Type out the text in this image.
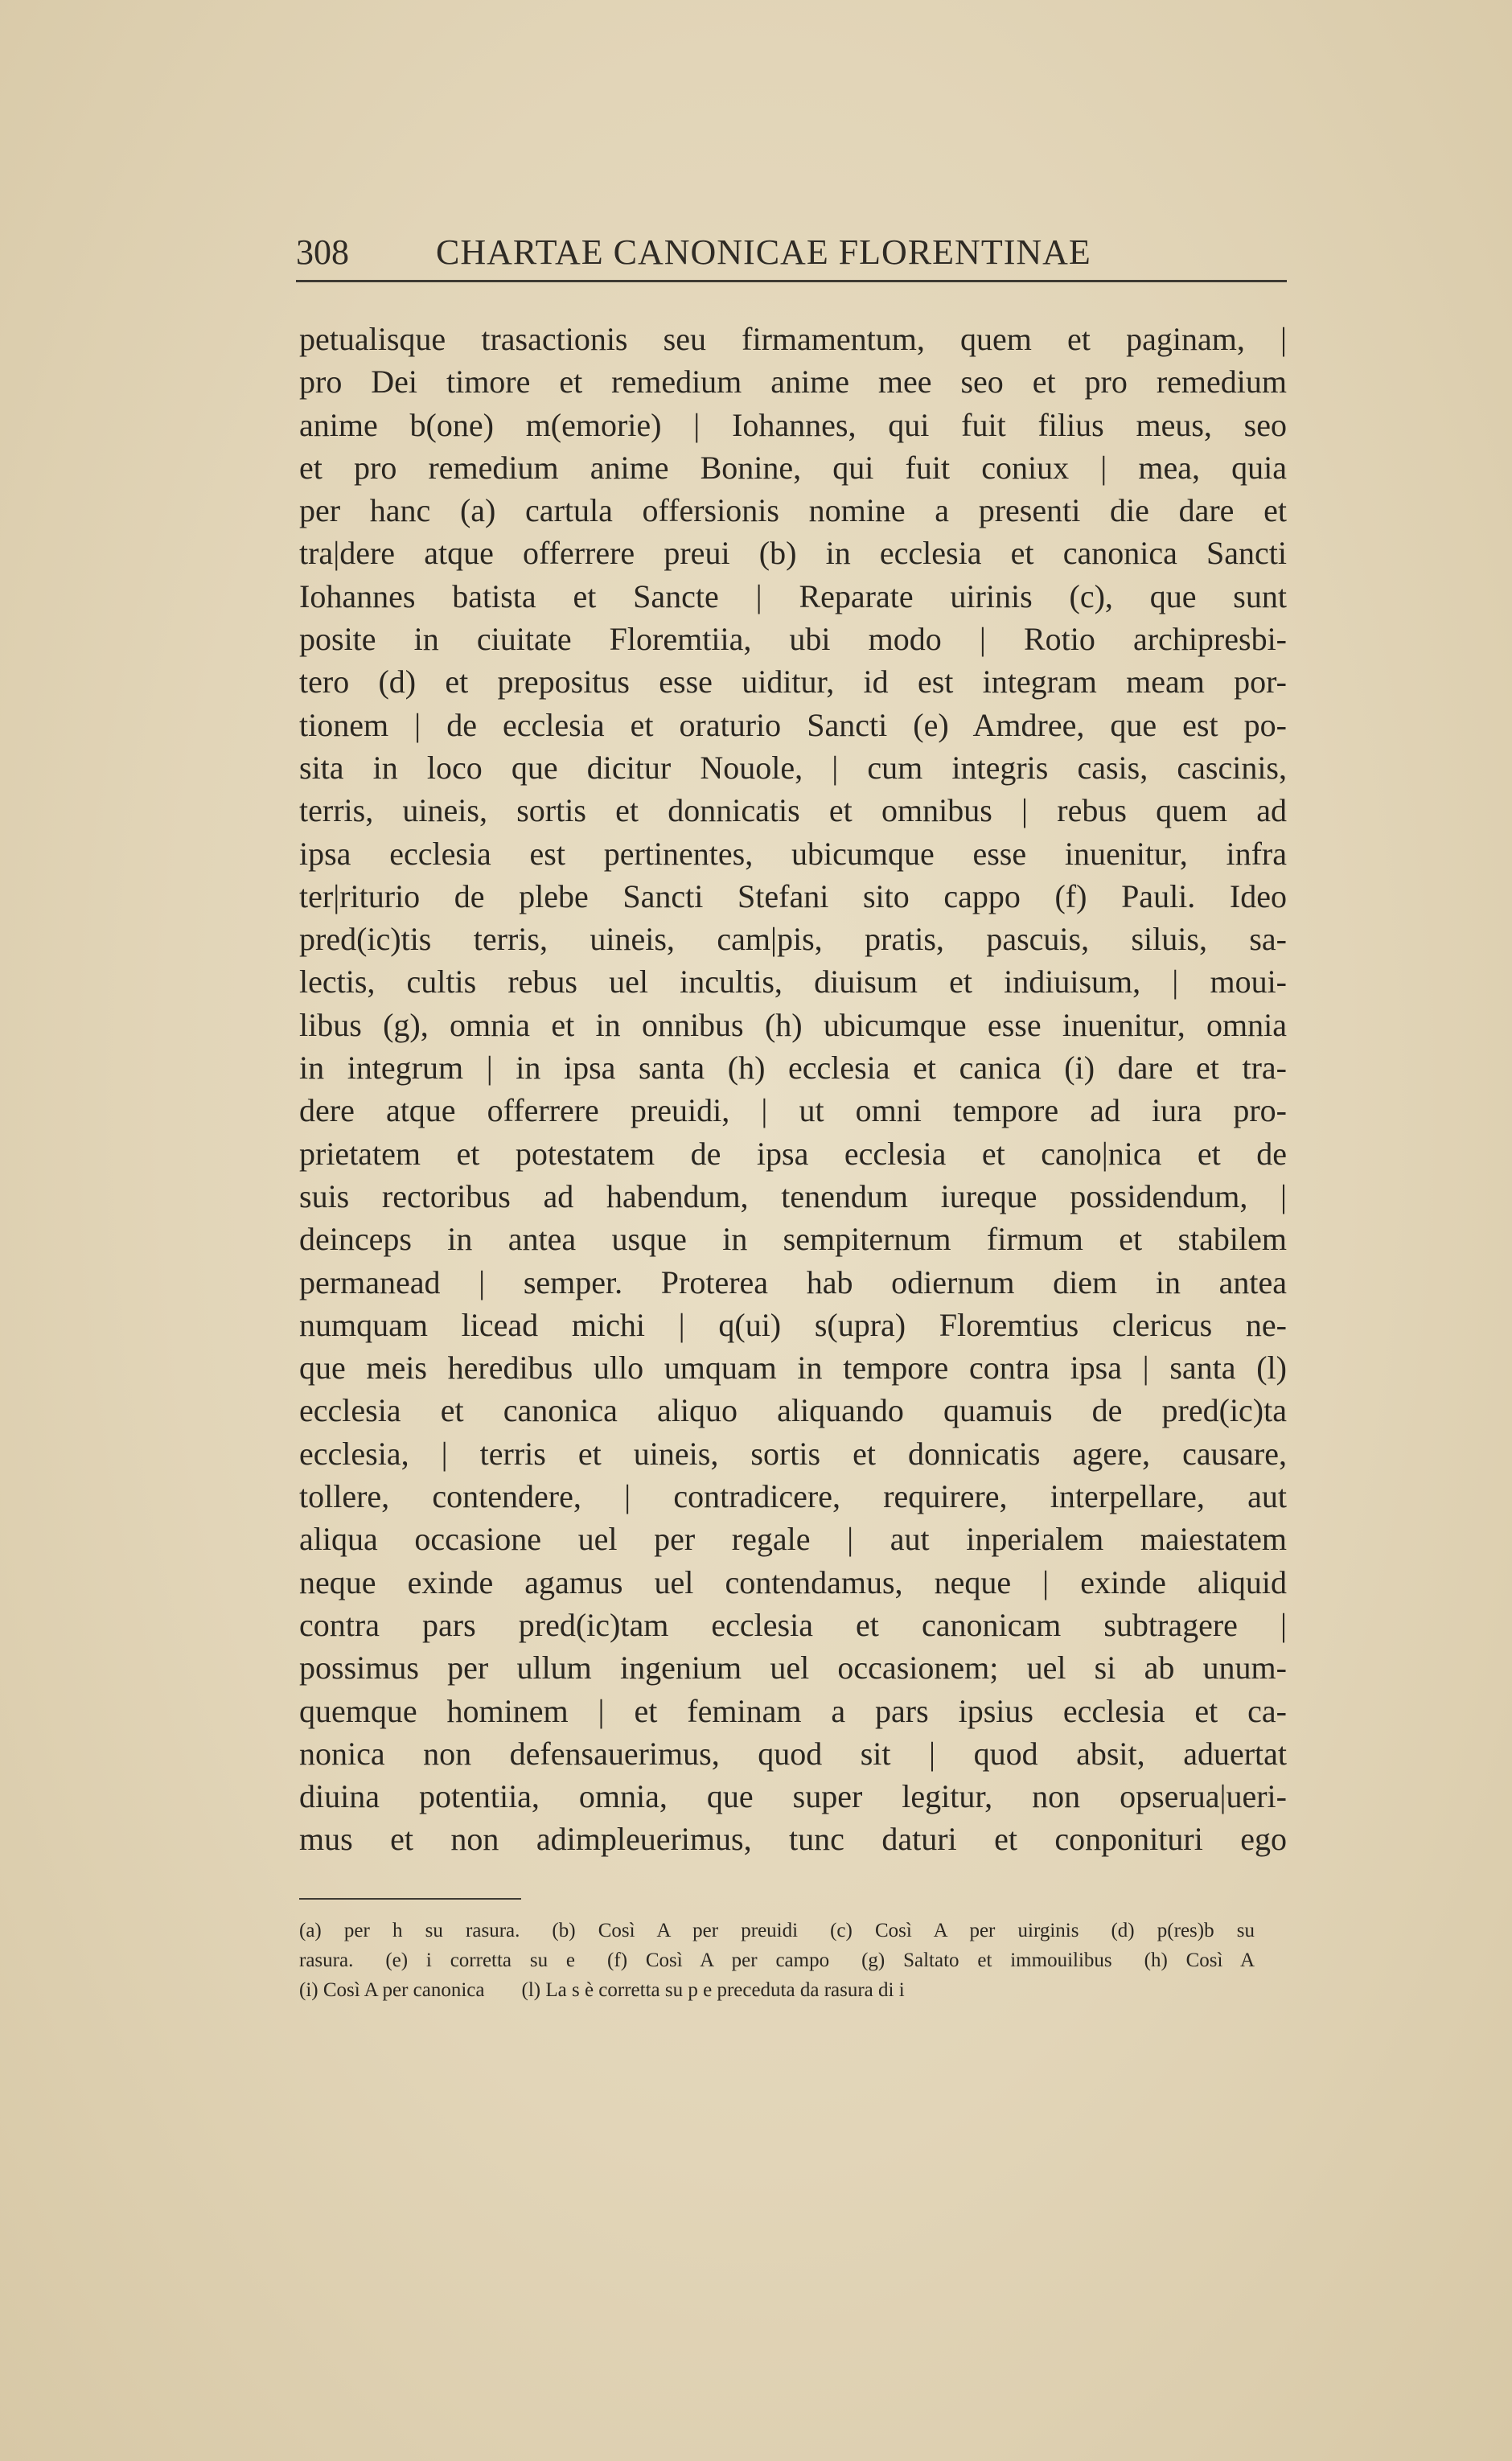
308 CHARTAE CANONICAE FLORENTINAE
petualisque trasactionis seu firmamentum, quem et paginam, |
pro Dei timore et remedium anime mee seo et pro remedium
anime b(one) m(emorie) | Iohannes, qui fuit filius meus, seo
et pro remedium anime Bonine, qui fuit coniux | mea, quia
per hanc (a) cartula offersionis nomine a presenti die dare et
tra|dere atque offerrere preui (b) in ecclesia et canonica Sancti
Iohannes batista et Sancte | Reparate uirinis (c), que sunt
posite in ciuitate Floremtiia, ubi modo | Rotio archipresbi-
tero (d) et prepositus esse uiditur, id est integram meam por-
tionem | de ecclesia et oraturio Sancti (e) Amdree, que est po-
sita in loco que dicitur Nouole, | cum integris casis, cascinis,
terris, uineis, sortis et donnicatis et omnibus | rebus quem ad
ipsa ecclesia est pertinentes, ubicumque esse inuenitur, infra
ter|riturio de plebe Sancti Stefani sito cappo (f) Pauli. Ideo
pred(ic)tis terris, uineis, cam|pis, pratis, pascuis, siluis, sa-
lectis, cultis rebus uel incultis, diuisum et indiuisum, | moui-
libus (g), omnia et in onnibus (h) ubicumque esse inuenitur, omnia
in integrum | in ipsa santa (h) ecclesia et canica (i) dare et tra-
dere atque offerrere preuidi, | ut omni tempore ad iura pro-
prietatem et potestatem de ipsa ecclesia et cano|nica et de
suis rectoribus ad habendum, tenendum iureque possidendum, |
deinceps in antea usque in sempiternum firmum et stabilem
permanead | semper. Proterea hab odiernum diem in antea
numquam licead michi | q(ui) s(upra) Floremtius clericus ne-
que meis heredibus ullo umquam in tempore contra ipsa | santa (l)
ecclesia et canonica aliquo aliquando quamuis de pred(ic)ta
ecclesia, | terris et uineis, sortis et donnicatis agere, causare,
tollere, contendere, | contradicere, requirere, interpellare, aut
aliqua occasione uel per regale | aut inperialem maiestatem
neque exinde agamus uel contendamus, neque | exinde aliquid
contra pars pred(ic)tam ecclesia et canonicam subtragere |
possimus per ullum ingenium uel occasionem; uel si ab unum-
quemque hominem | et feminam a pars ipsius ecclesia et ca-
nonica non defensauerimus, quod sit | quod absit, aduertat
diuina potentiia, omnia, que super legitur, non opserua|ueri-
mus et non adimpleuerimus, tunc daturi et conponituri ego
(a) per h su rasura. (b) Così A per preuidi (c) Così A per uirginis (d) p(res)b su
rasura. (e) i corretta su e (f) Così A per campo (g) Saltato et immouilibus (h) Così A
(i) Così A per canonica (l) La s è corretta su p e preceduta da rasura di i
